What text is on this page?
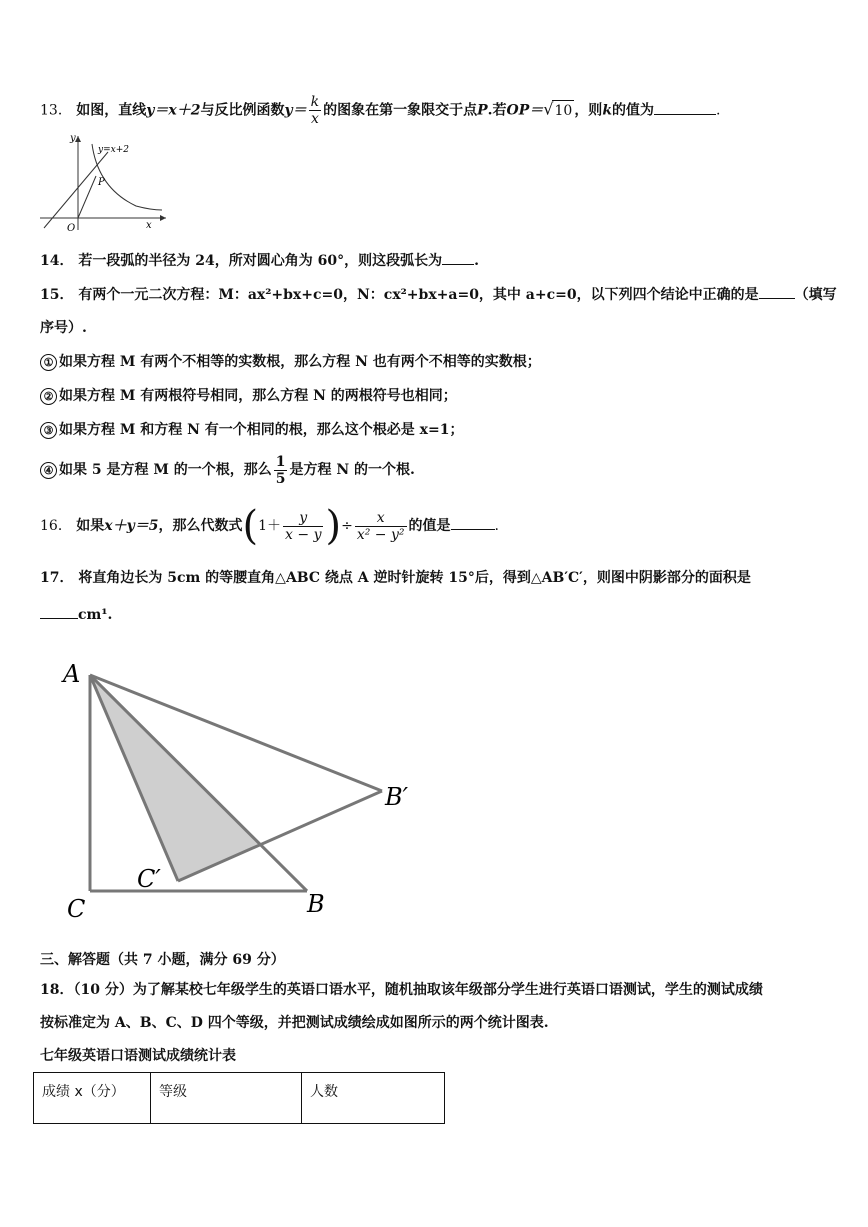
13． 如图，直线y＝x＋2与反比例函数$y= \frac{k}{x}$ 的图象在第一象限交于点P.若OP＝√10 ，则k的值为	.
y
x
O
P
y=x+2
14． 若一段弧的半径为 24，所对圆心角为 60°，则这段弧长为 .
15． 有两个一元二次方程：M：ax²+bx+c=0，N：cx²+bx+a=0，其中 a+c=0，以下列四个结论中正确的是	（填写
序号）.
① 如果方程 M 有两个不相等的实数根，那么方程 N 也有两个不相等的实数根；
② 如果方程 M 有两根符号相同，那么方程 N 的两根符号也相同；
③ 如果方程 M 和方程 N 有一个相同的根，那么这个根必是 x=1；
④ 如果 5 是方程 M 的一个根，那么 $\frac{1}{5}$ 是方程 N 的一个根.
16． 如果x＋y＝5，那么代数式($1+ \frac{y}{x - y}$ )÷ $\frac{x}{\text{x² − y²}}$ 的值是	.
17． 将直角边长为 5cm 的等腰直角△ABC 绕点 A 逆时针旋转 15°后，得到△AB′C′，则图中阴影部分的面积是
cm¹.
A
C	B
B′
C′
三、解答题（共 7 小题，满分 69 分）
18．（10 分）为了解某校七年级学生的英语口语水平，随机抽取该年级部分学生进行英语口语测试，学生的测试成绩
按标准定为 A、B、C、D 四个等级，并把测试成绩绘成如图所示的两个统计图表.
七年级英语口语测试成绩统计表
成绩 x（分）	等级	人数
